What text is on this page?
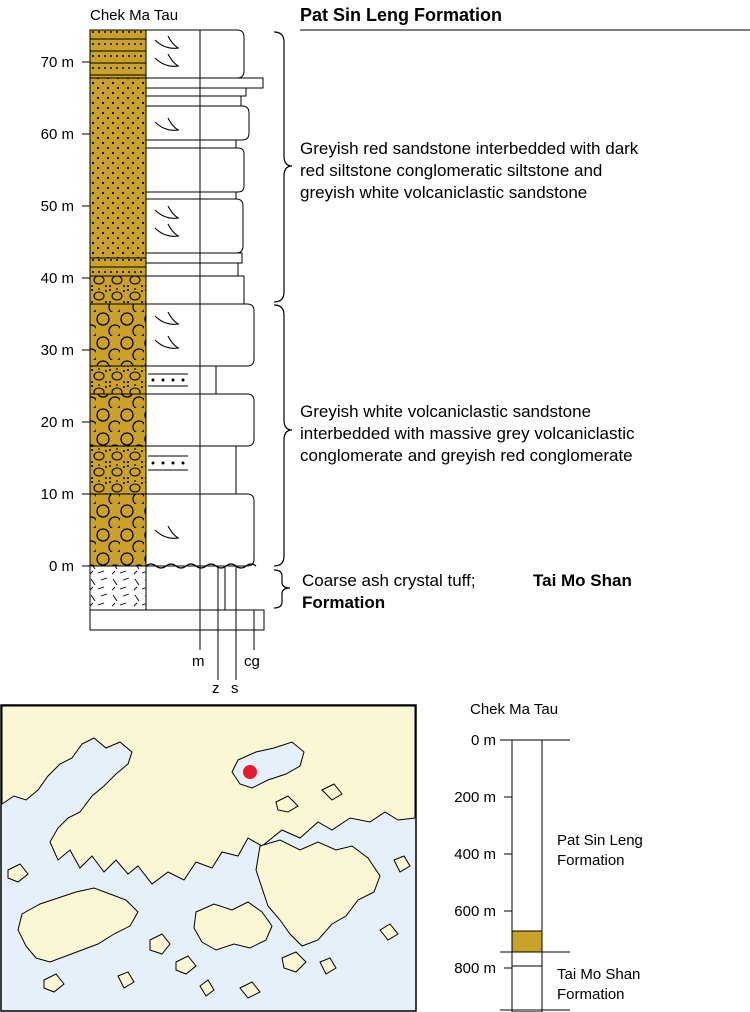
70 m
60 m
50 m
40 m
30 m
20 m
10 m
0 m
m
z s
cg
Chek Ma Tau	Pat Sin Leng Formation
Greyish red sandstone interbedded with dark
red siltstone conglomeratic siltstone and
greyish white volcaniclastic sandstone
Greyish white volcaniclastic sandstone
interbedded with massive grey volcaniclastic
conglomerate and greyish red conglomerate
Coarse ash crystal tuff;	Tai Mo Shan
Formation
Chek Ma Tau
0 m
200 m
400 m
600 m
800 m
Pat Sin Leng
Formation
Tai Mo Shan
Formation
